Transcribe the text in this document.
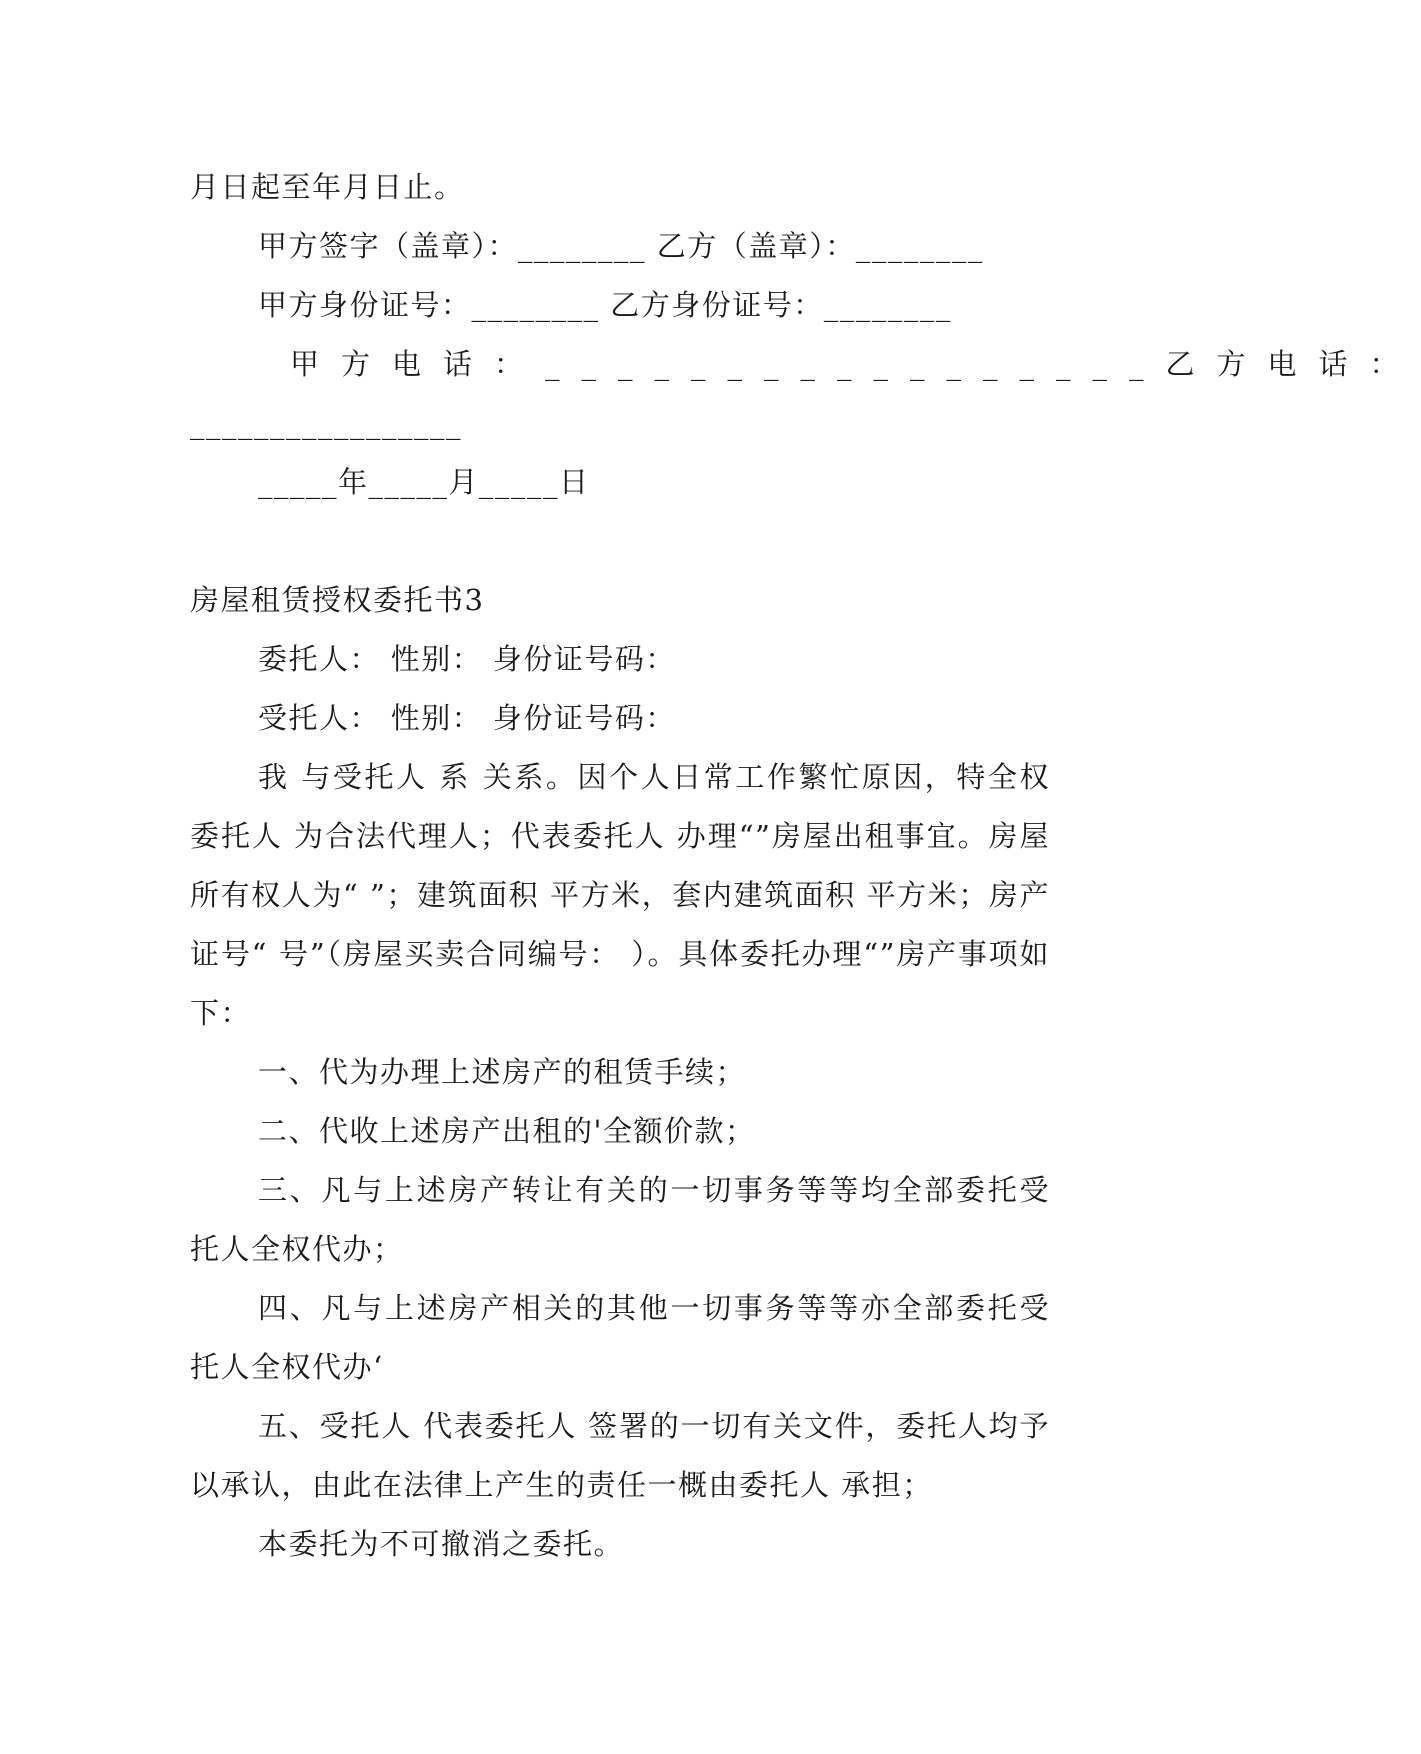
月日起至年月日止。
甲方签字（盖章）：________ 乙方（盖章）：________
甲方身份证号：________ 乙方身份证号：________
甲方电话：_________________乙方电话：
_________________
_____年_____月_____日
房屋租赁授权委托书3
委托人： 性别： 身份证号码：
受托人： 性别： 身份证号码：

我 与受托人 系 关系。因个人日常工作繁忙原因，特全权委托人 为合法代理人；代表委托人 办理“”房屋出租事宜。房屋所有权人为“ ”；建筑面积 平方米，套内建筑面积 平方米；房产证号“ 号”（房屋买卖合同编号： ）。具体委托办理“”房产事项如下：

一、代为办理上述房产的租赁手续；

二、代收上述房产出租的'全额价款；

三、凡与上述房产转让有关的一切事务等等均全部委托受托人全权代办；

四、凡与上述房产相关的其他一切事务等等亦全部委托受托人全权代办‘

五、受托人 代表委托人 签署的一切有关文件，委托人均予以承认，由此在法律上产生的责任一概由委托人 承担；

本委托为不可撤消之委托。
